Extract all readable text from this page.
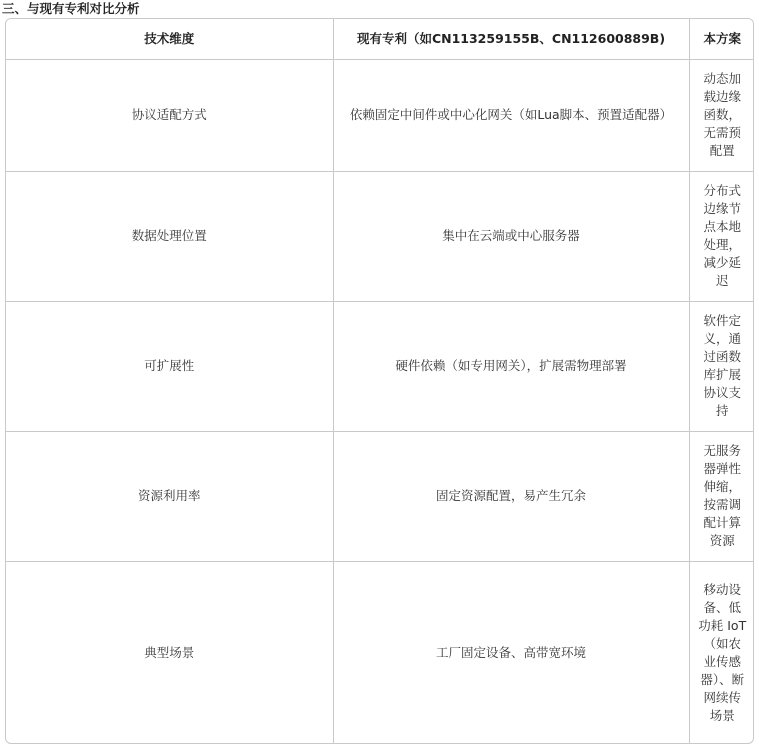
三、与现有专利对比分析
技术维度	现有专利（如CN113259155B、CN112600889B)	本方案
协议适配方式	依赖固定中间件或中心化网关（如Lua脚本、预置适配器）	动态加载边缘函数，无需预配置
数据处理位置	集中在云端或中心服务器	分布式边缘节点本地处理，减少延迟
可扩展性	硬件依赖（如专用网关），扩展需物理部署	软件定义，通过函数库扩展协议支持
资源利用率	固定资源配置，易产生冗余	无服务器弹性伸缩，按需调配计算资源
典型场景	工厂固定设备、高带宽环境	移动设备、低功耗 IoT（如农业传感器）、断网续传场景
